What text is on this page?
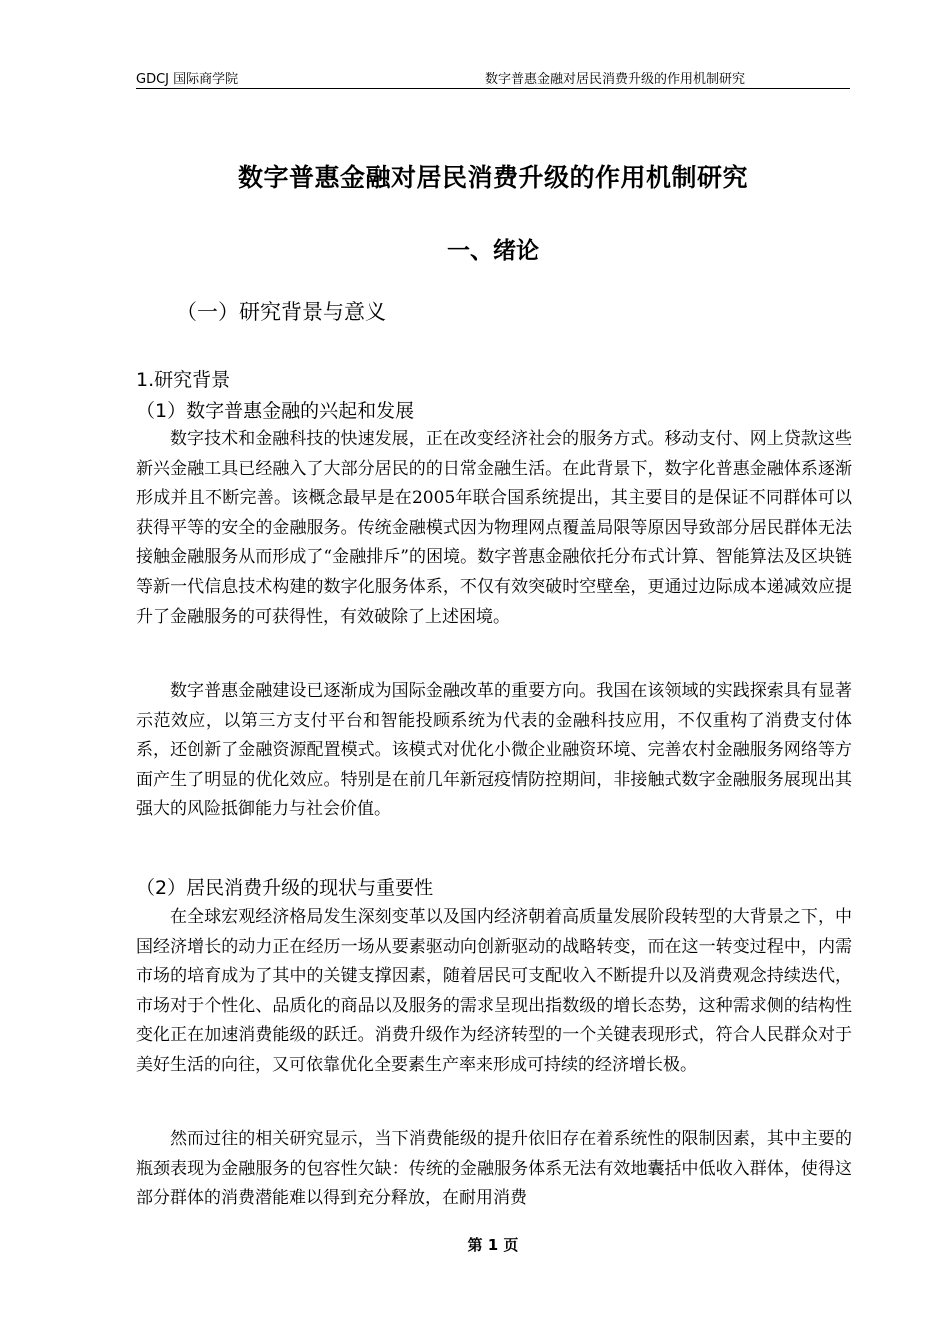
GDCJ 国际商学院	数字普惠金融对居民消费升级的作用机制研究
数字普惠金融对居民消费升级的作用机制研究
一、绪论
（一）研究背景与意义
1.研究背景
（1）数字普惠金融的兴起和发展

数字技术和金融科技的快速发展，正在改变经济社会的服务方式。移动支付、网上贷款这些新兴金融工具已经融入了大部分居民的的日常金融生活。在此背景下，数字化普惠金融体系逐渐形成并且不断完善。该概念最早是在2005年联合国系统提出，其主要目的是保证不同群体可以获得平等的安全的金融服务。传统金融模式因为物理网点覆盖局限等原因导致部分居民群体无法接触金融服务从而形成了“金融排斥”的困境。数字普惠金融依托分布式计算、智能算法及区块链等新一代信息技术构建的数字化服务体系，不仅有效突破时空壁垒，更通过边际成本递减效应提升了金融服务的可获得性，有效破除了上述困境。

数字普惠金融建设已逐渐成为国际金融改革的重要方向。我国在该领域的实践探索具有显著示范效应，以第三方支付平台和智能投顾系统为代表的金融科技应用，不仅重构了消费支付体系，还创新了金融资源配置模式。该模式对优化小微企业融资环境、完善农村金融服务网络等方面产生了明显的优化效应。特别是在前几年新冠疫情防控期间，非接触式数字金融服务展现出其强大的风险抵御能力与社会价值。

（2）居民消费升级的现状与重要性

在全球宏观经济格局发生深刻变革以及国内经济朝着高质量发展阶段转型的大背景之下，中国经济增长的动力正在经历一场从要素驱动向创新驱动的战略转变，而在这一转变过程中，内需市场的培育成为了其中的关键支撑因素，随着居民可支配收入不断提升以及消费观念持续迭代，市场对于个性化、品质化的商品以及服务的需求呈现出指数级的增长态势，这种需求侧的结构性变化正在加速消费能级的跃迁。消费升级作为经济转型的一个关键表现形式，符合人民群众对于美好生活的向往，又可依靠优化全要素生产率来形成可持续的经济增长极。

然而过往的相关研究显示，当下消费能级的提升依旧存在着系统性的限制因素，其中主要的瓶颈表现为金融服务的包容性欠缺：传统的金融服务体系无法有效地囊括中低收入群体，使得这部分群体的消费潜能难以得到充分释放，在耐用消费

第 1 页
